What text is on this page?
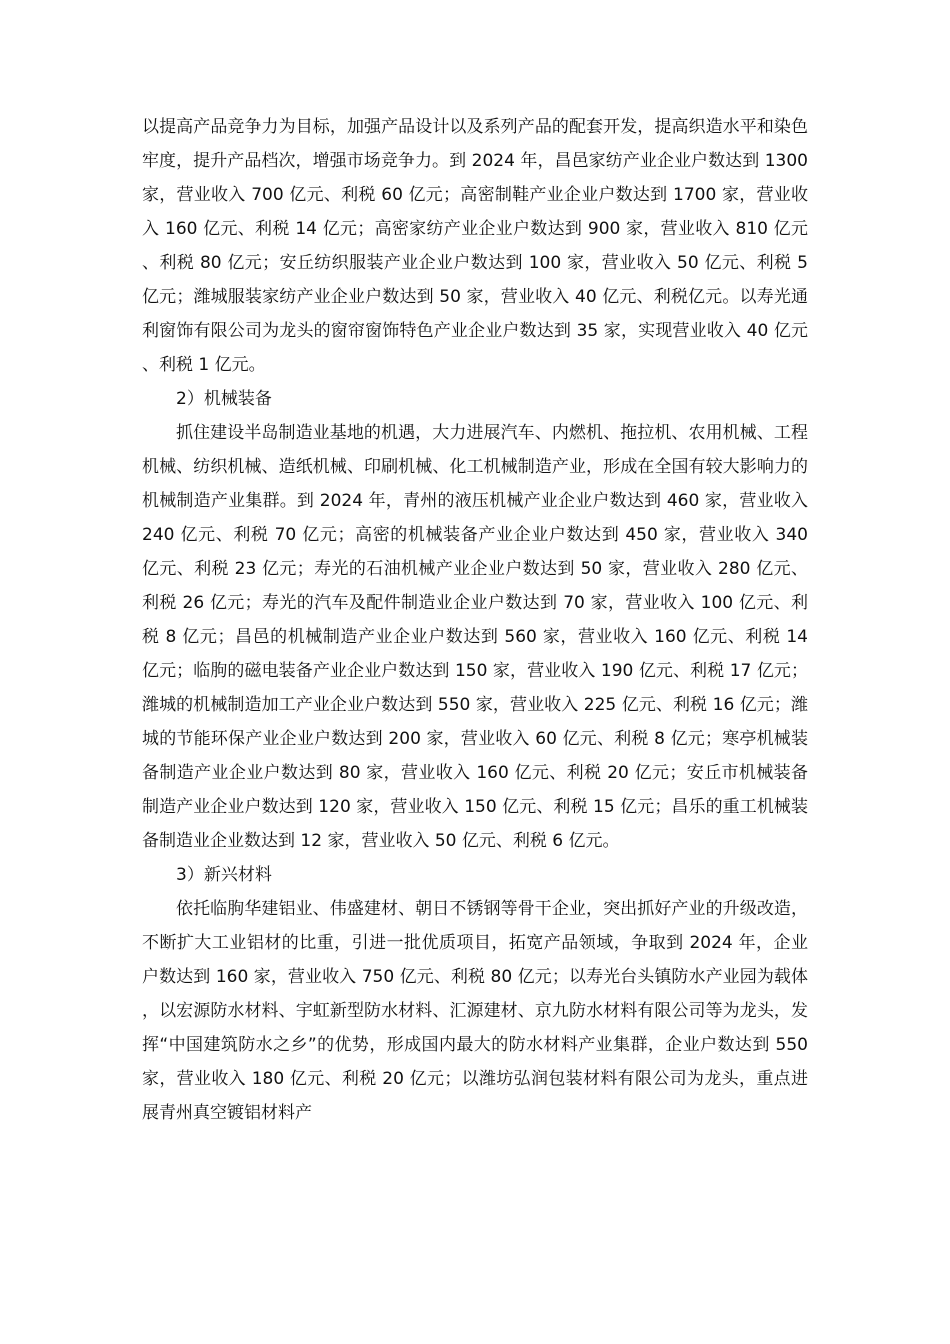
以提高产品竞争力为目标，加强产品设计以及系列产品的配套开发，提高织造水平和染色牢度，提升产品档次，增强市场竞争力。到 2024 年，昌邑家纺产业企业户数达到 1300 家，营业收入 700 亿元、利税 60 亿元；高密制鞋产业企业户数达到 1700 家，营业收入 160 亿元、利税 14 亿元；高密家纺产业企业户数达到 900 家，营业收入 810 亿元、利税 80 亿元；安丘纺织服装产业企业户数达到 100 家，营业收入 50 亿元、利税 5 亿元；潍城服装家纺产业企业户数达到 50 家，营业收入 40 亿元、利税亿元。以寿光通利窗饰有限公司为龙头的窗帘窗饰特色产业企业户数达到 35 家，实现营业收入 40 亿元、利税 1 亿元。

2）机械装备

抓住建设半岛制造业基地的机遇，大力进展汽车、内燃机、拖拉机、农用机械、工程机械、纺织机械、造纸机械、印刷机械、化工机械制造产业，形成在全国有较大影响力的机械制造产业集群。到 2024 年，青州的液压机械产业企业户数达到 460 家，营业收入 240 亿元、利税 70 亿元；高密的机械装备产业企业户数达到 450 家，营业收入 340 亿元、利税 23 亿元；寿光的石油机械产业企业户数达到 50 家，营业收入 280 亿元、利税 26 亿元；寿光的汽车及配件制造业企业户数达到 70 家，营业收入 100 亿元、利税 8 亿元；昌邑的机械制造产业企业户数达到 560 家，营业收入 160 亿元、利税 14 亿元；临朐的磁电装备产业企业户数达到 150 家，营业收入 190 亿元、利税 17 亿元；潍城的机械制造加工产业企业户数达到 550 家，营业收入 225 亿元、利税 16 亿元；潍城的节能环保产业企业户数达到 200 家，营业收入 60 亿元、利税 8 亿元；寒亭机械装备制造产业企业户数达到 80 家，营业收入 160 亿元、利税 20 亿元；安丘市机械装备制造产业企业户数达到 120 家，营业收入 150 亿元、利税 15 亿元；昌乐的重工机械装备制造业企业数达到 12 家，营业收入 50 亿元、利税 6 亿元。

3）新兴材料

依托临朐华建铝业、伟盛建材、朝日不锈钢等骨干企业，突出抓好产业的升级改造，不断扩大工业铝材的比重，引进一批优质项目，拓宽产品领域，争取到 2024 年，企业户数达到 160 家，营业收入 750 亿元、利税 80 亿元；以寿光台头镇防水产业园为载体，以宏源防水材料、宇虹新型防水材料、汇源建材、京九防水材料有限公司等为龙头，发挥“中国建筑防水之乡”的优势，形成国内最大的防水材料产业集群，企业户数达到 550 家，营业收入 180 亿元、利税 20 亿元；以潍坊弘润包装材料有限公司为龙头，重点进展青州真空镀铝材料产
